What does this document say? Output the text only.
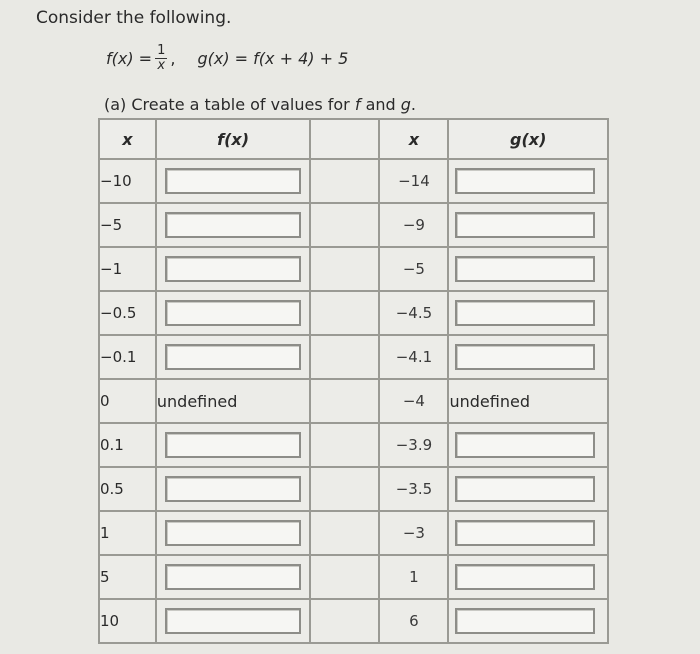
Consider the following.
$f(x) = \frac{1}{x}$ , g(x) = f(x + 4) + 5
(a) Create a table of values for f and g.
x	f(x)		x	g(x)
−10			−14	

−5			−9	

−1			−5	

−0.5			−4.5	

−0.1			−4.1	

0	undefined		−4	undefined
0.1			−3.9	

0.5			−3.5	

1			−3	

5			1	

10			6	
